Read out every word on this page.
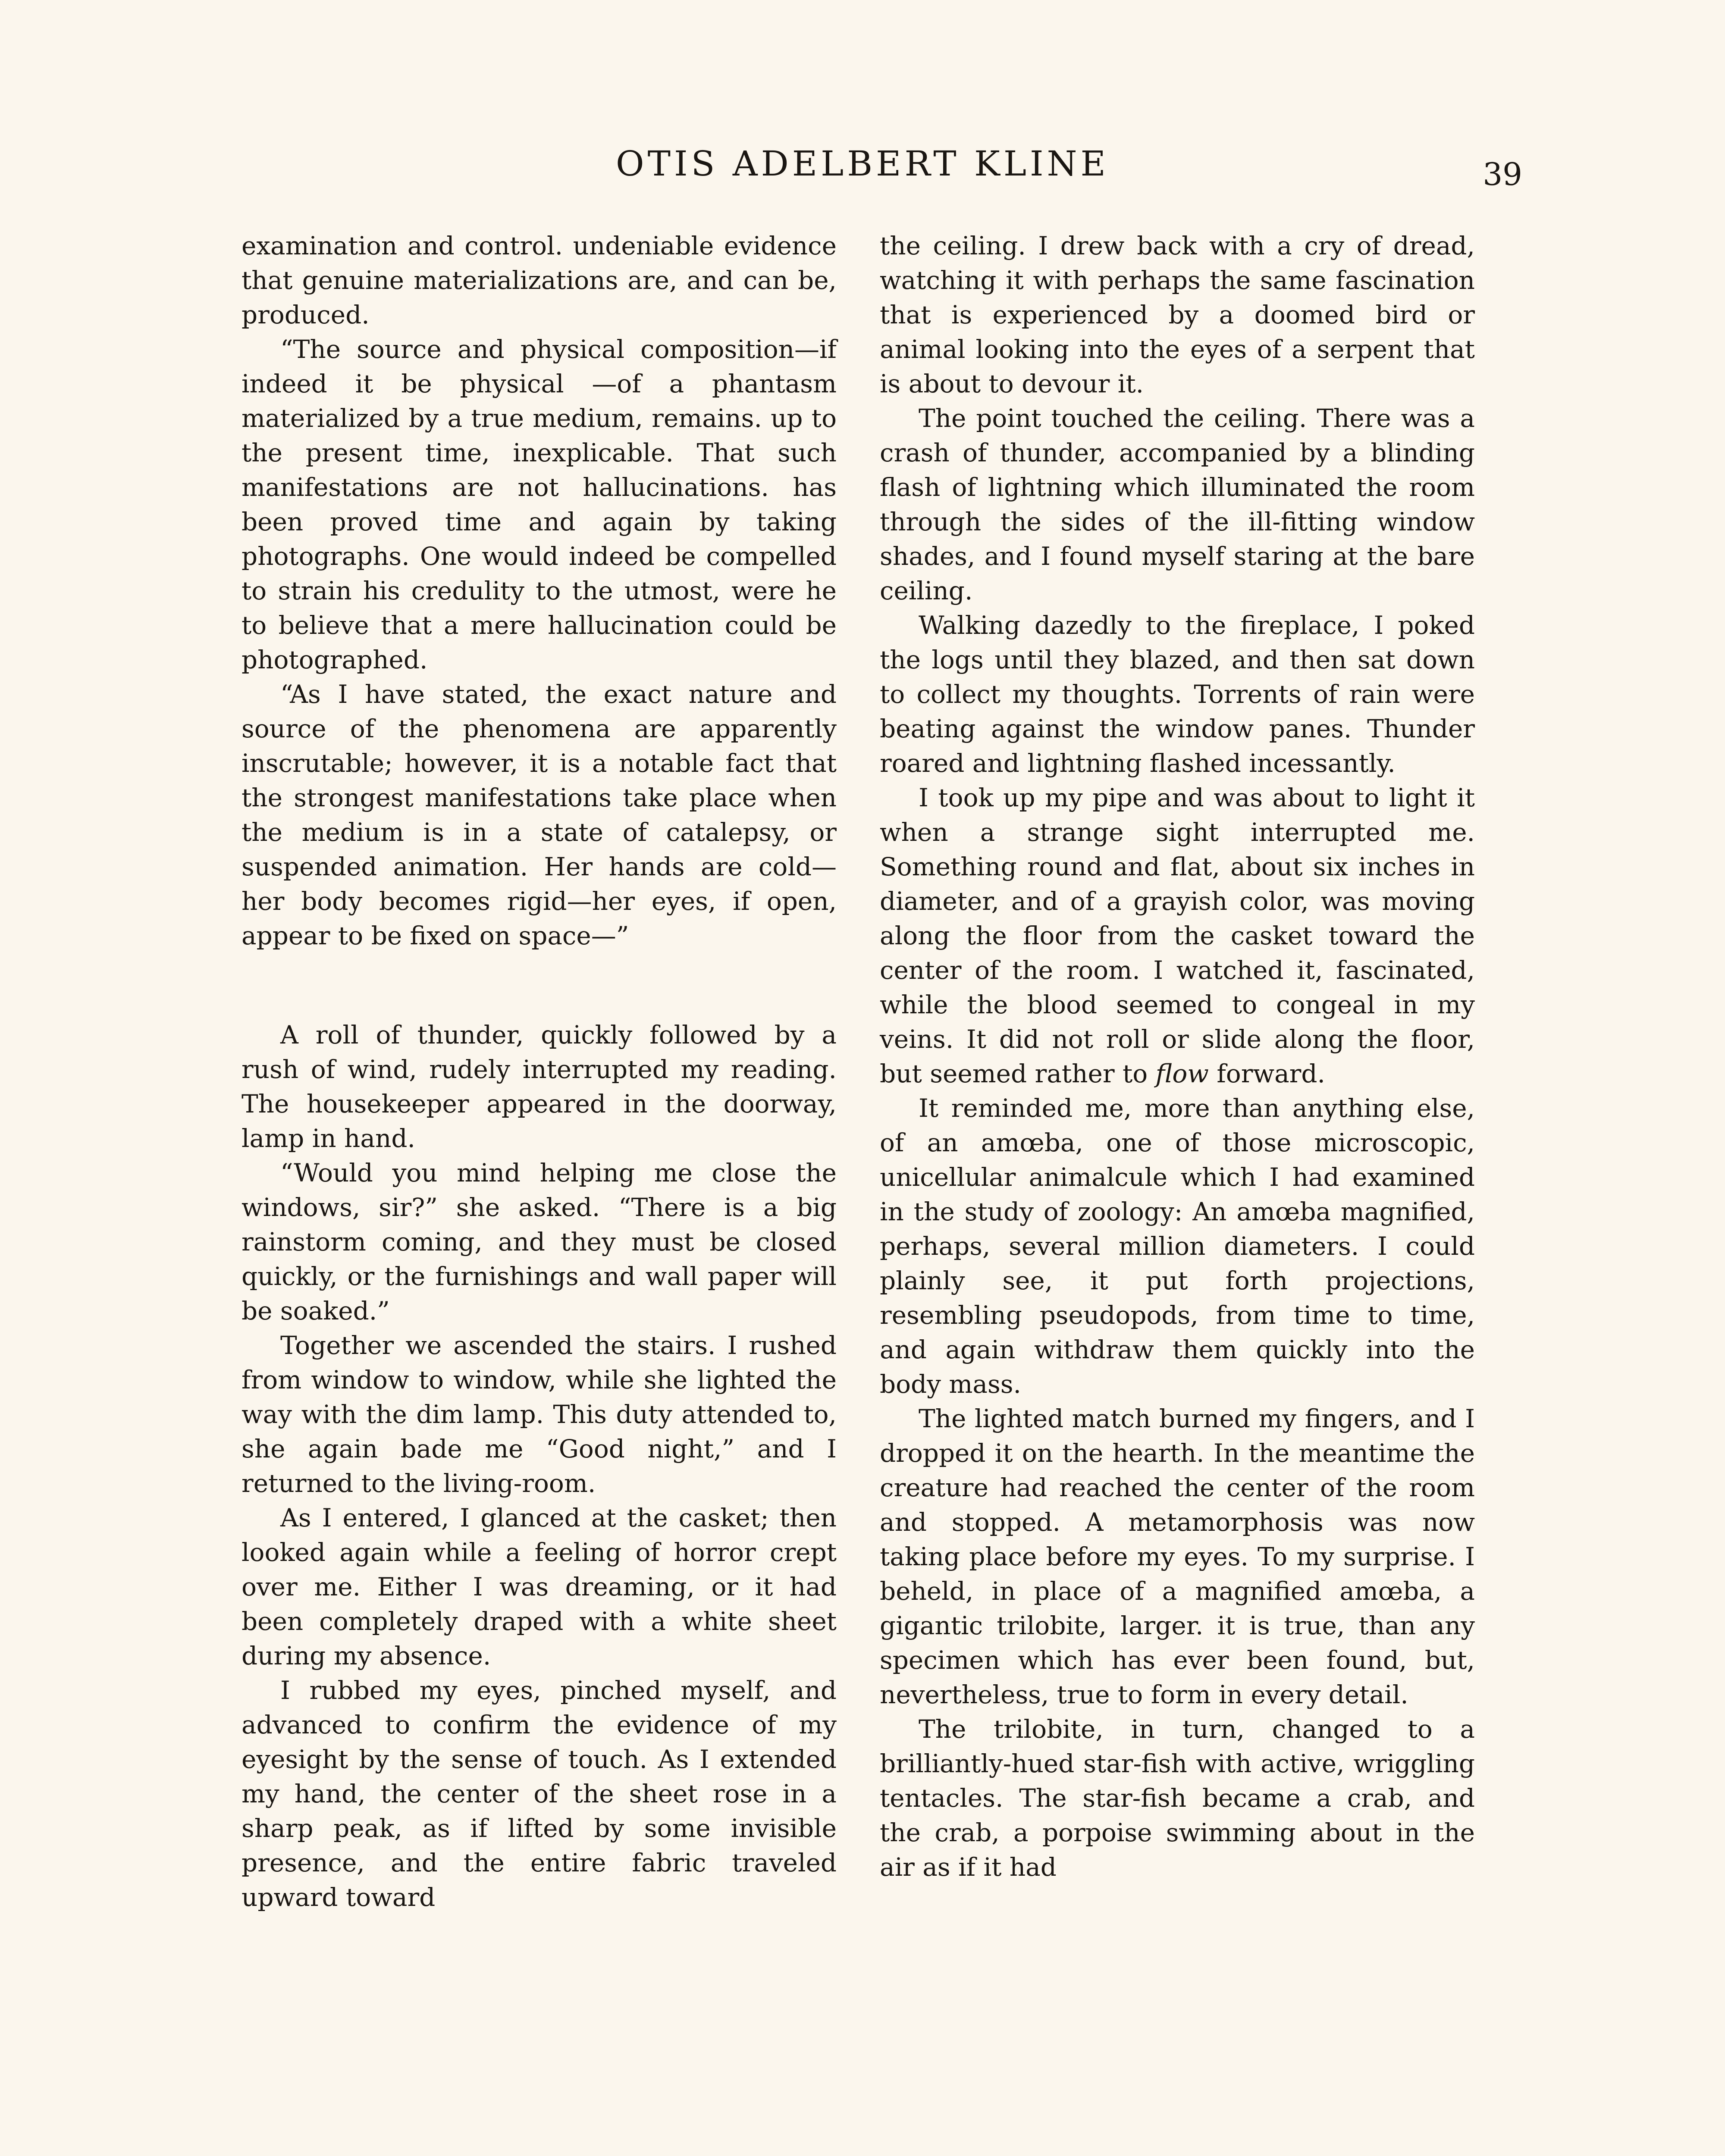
OTIS ADELBERT KLINE	39

examination and control. undeniable evidence that genuine materializations are, and can be, produced.

“The source and physical composition—if indeed it be physical —of a phantasm materialized by a true medium, remains. up to the present time, inexplicable. That such manifestations are not hallucinations. has been proved time and again by taking photographs. One would indeed be compelled to strain his credulity to the utmost, were he to believe that a mere hallucination could be photographed.

“As I have stated, the exact nature and source of the phenomena are apparently inscrutable; however, it is a notable fact that the strongest manifestations take place when the medium is in a state of catalepsy, or suspended animation. Her hands are cold—her body becomes rigid—her eyes, if open, appear to be fixed on space—”

A roll of thunder, quickly followed by a rush of wind, rudely interrupted my reading. The housekeeper appeared in the doorway, lamp in hand.

“Would you mind helping me close the windows, sir?” she asked. “There is a big rainstorm coming, and they must be closed quickly, or the furnishings and wall paper will be soaked.”

Together we ascended the stairs. I rushed from window to window, while she lighted the way with the dim lamp. This duty attended to, she again bade me “Good night,” and I returned to the living-room.

As I entered, I glanced at the casket; then looked again while a feeling of horror crept over me. Either I was dreaming, or it had been completely draped with a white sheet during my absence.

I rubbed my eyes, pinched myself, and advanced to confirm the evidence of my eyesight by the sense of touch. As I extended my hand, the center of the sheet rose in a sharp peak, as if lifted by some invisible presence, and the entire fabric traveled upward toward

the ceiling. I drew back with a cry of dread, watching it with perhaps the same fascination that is experienced by a doomed bird or animal looking into the eyes of a serpent that is about to devour it.

The point touched the ceiling. There was a crash of thunder, accompanied by a blinding flash of lightning which illuminated the room through the sides of the ill-fitting window shades, and I found myself staring at the bare ceiling.

Walking dazedly to the fireplace, I poked the logs until they blazed, and then sat down to collect my thoughts. Torrents of rain were beating against the window panes. Thunder roared and lightning flashed incessantly.

I took up my pipe and was about to light it when a strange sight interrupted me. Something round and flat, about six inches in diameter, and of a grayish color, was moving along the floor from the casket toward the center of the room. I watched it, fascinated, while the blood seemed to congeal in my veins. It did not roll or slide along the floor, but seemed rather to flow forward.

It reminded me, more than anything else, of an amœba, one of those microscopic, unicellular animalcule which I had examined in the study of zoology: An amœba magnified, perhaps, several million diameters. I could plainly see, it put forth projections, resembling pseudopods, from time to time, and again withdraw them quickly into the body mass.

The lighted match burned my fingers, and I dropped it on the hearth. In the meantime the creature had reached the center of the room and stopped. A metamorphosis was now taking place before my eyes. To my surprise. I beheld, in place of a magnified amœba, a gigantic trilobite, larger. it is true, than any specimen which has ever been found, but, nevertheless, true to form in every detail.

The trilobite, in turn, changed to a brilliantly-hued star-fish with active, wriggling tentacles. The star-fish became a crab, and the crab, a porpoise swimming about in the air as if it had
